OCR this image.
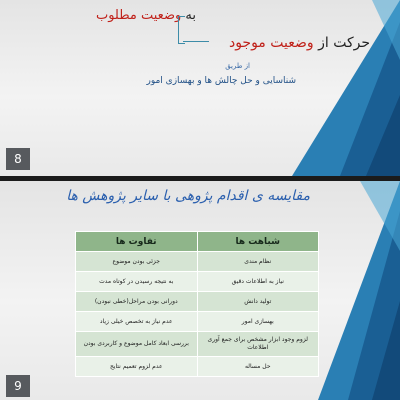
به وضعیت مطلوب
حرکت از وضعیت موجود
از طریق
شناسایی و حل چالش ها و بهسازی امور
8
مقایسه ی اقدام پژوهی با سایر پژوهش ها
شباهت ها	تفاوت ها
نظام مندی	جزئی بودن موضوع
نیاز به اطلاعات دقیق	به نتیجه رسیدن در کوتاه مدت
تولید دانش	دورانی بودن مراحل(خطی نبودن)
بهسازی امور	عدم نیاز به تخصص خیلی زیاد
لزوم وجود ابزار مشخص برای جمع آوری اطلاعات	بررسی ابعاد کامل موضوع و کاربردی بودن
حل مساله	عدم لزوم تعمیم نتایج
9
